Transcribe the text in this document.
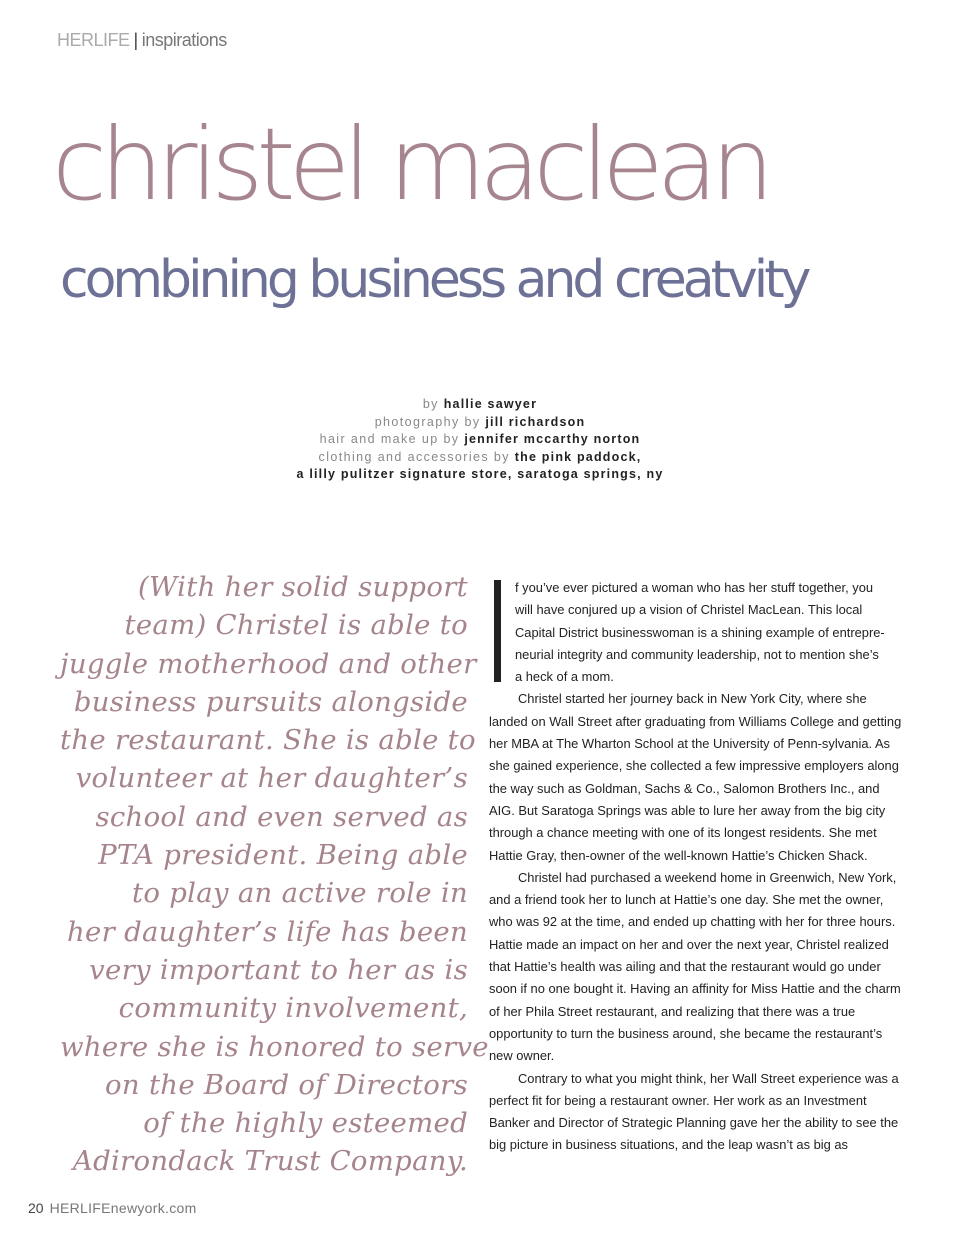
HERLIFE | inspirations
christel maclean
combining business and creatvity
by hallie sawyer
photography by jill richardson
hair and make up by jennifer mccarthy norton
clothing and accessories by the pink paddock,
a lilly pulitzer signature store, saratoga springs, ny
(With her solid support
team) Christel is able to
juggle motherhood and other
business pursuits alongside
the restaurant. She is able to
volunteer at her daughter’s
school and even served as
PTA president. Being able
to play an active role in
her daughter’s life has been
very important to her as is
community involvement,
where she is honored to serve
on the Board of Directors
of the highly esteemed
Adirondack Trust Company.
f you’ve ever pictured a woman who has her stuff together, you
will have conjured up a vision of Christel MacLean. This local
Capital District businesswoman is a shining example of entrepre-
neurial integrity and community leadership, not to mention she’s
a heck of a mom.

Christel started her journey back in New York City, where she landed on Wall Street after graduating from Williams College and getting her MBA at The Wharton School at the University of Penn-sylvania. As she gained experience, she collected a few impressive employers along the way such as Goldman, Sachs & Co., Salomon Brothers Inc., and AIG. But Saratoga Springs was able to lure her away from the big city through a chance meeting with one of its longest residents. She met Hattie Gray, then-owner of the well-known Hattie’s Chicken Shack.

Christel had purchased a weekend home in Greenwich, New York, and a friend took her to lunch at Hattie’s one day. She met the owner, who was 92 at the time, and ended up chatting with her for three hours. Hattie made an impact on her and over the next year, Christel realized that Hattie’s health was ailing and that the restaurant would go under soon if no one bought it. Having an affinity for Miss Hattie and the charm of her Phila Street restaurant, and realizing that there was a true opportunity to turn the business around, she became the restaurant’s new owner.

Contrary to what you might think, her Wall Street experience was a perfect fit for being a restaurant owner. Her work as an Investment Banker and Director of Strategic Planning gave her the ability to see the big picture in business situations, and the leap wasn’t as big as

20 HERLIFEnewyork.com
